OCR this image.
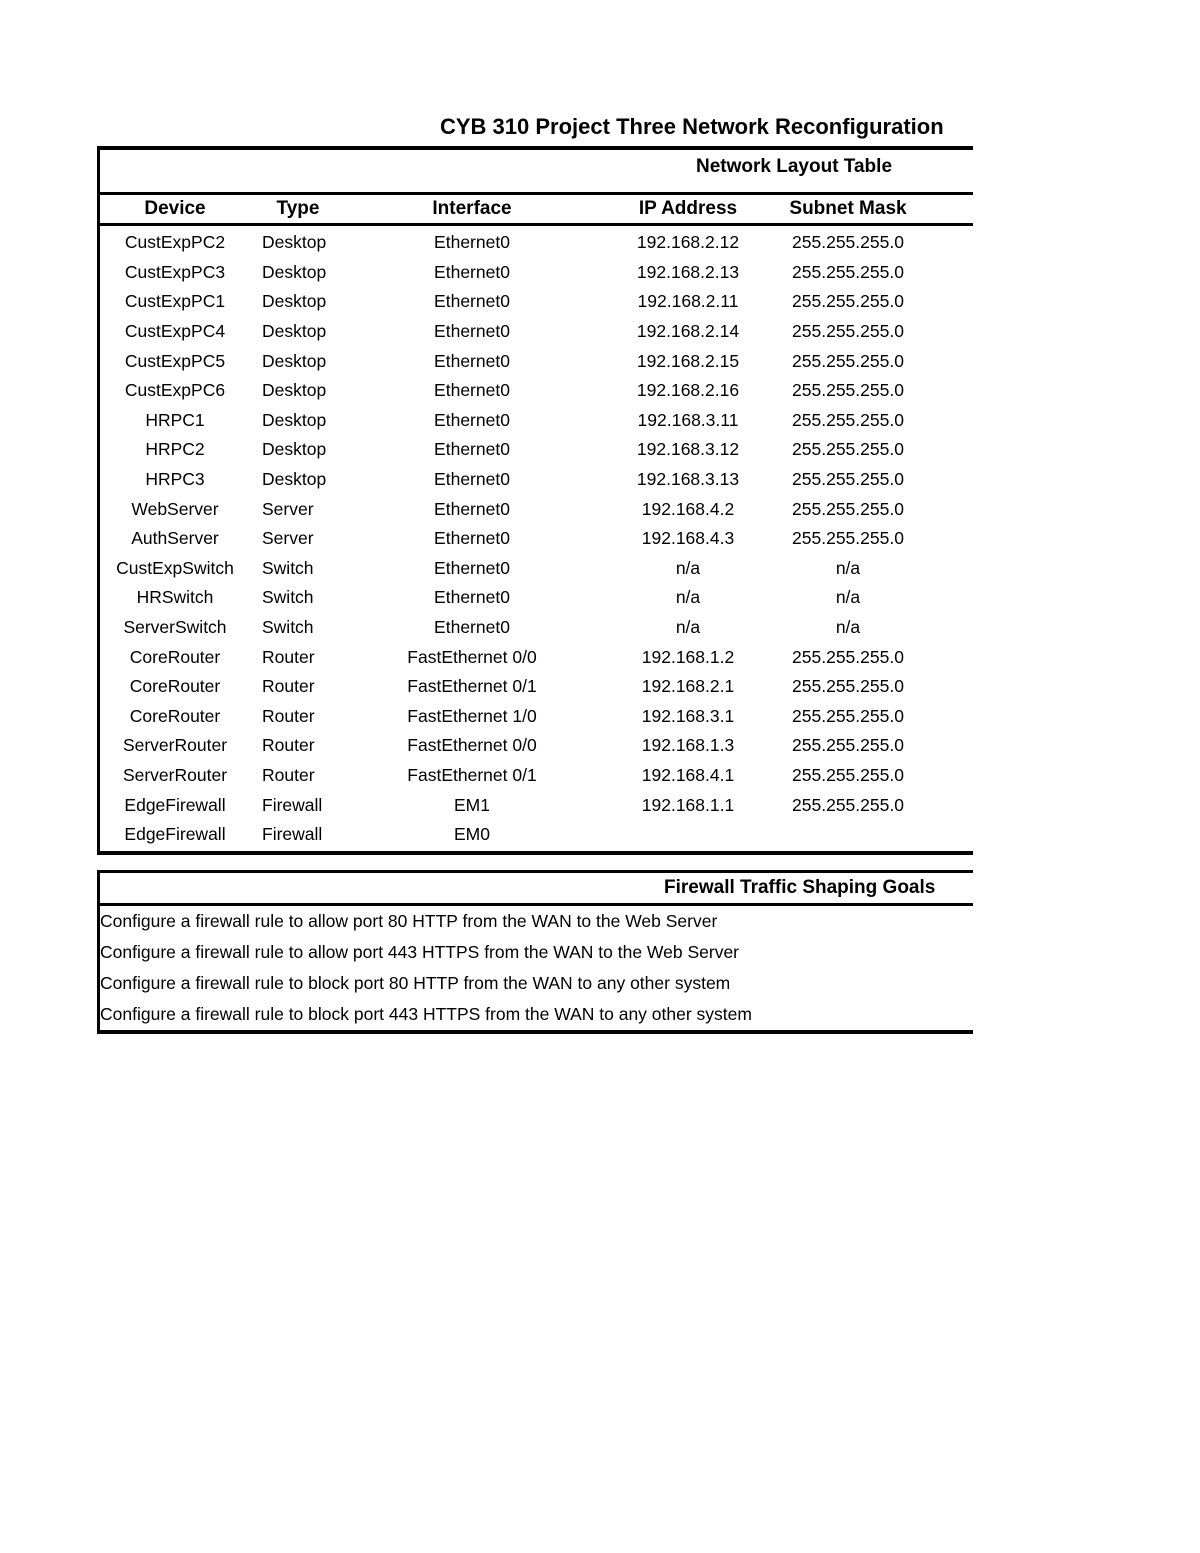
CYB 310 Project Three Network Reconfiguration
Network Layout Table
Device	Type	Interface	IP Address	Subnet Mask
CustExpPC2	Desktop	Ethernet0	192.168.2.12	255.255.255.0
CustExpPC3	Desktop	Ethernet0	192.168.2.13	255.255.255.0
CustExpPC1	Desktop	Ethernet0	192.168.2.11	255.255.255.0
CustExpPC4	Desktop	Ethernet0	192.168.2.14	255.255.255.0
CustExpPC5	Desktop	Ethernet0	192.168.2.15	255.255.255.0
CustExpPC6	Desktop	Ethernet0	192.168.2.16	255.255.255.0
HRPC1	Desktop	Ethernet0	192.168.3.11	255.255.255.0
HRPC2	Desktop	Ethernet0	192.168.3.12	255.255.255.0
HRPC3	Desktop	Ethernet0	192.168.3.13	255.255.255.0
WebServer	Server	Ethernet0	192.168.4.2	255.255.255.0
AuthServer	Server	Ethernet0	192.168.4.3	255.255.255.0
CustExpSwitch	Switch	Ethernet0	n/a	n/a
HRSwitch	Switch	Ethernet0	n/a	n/a
ServerSwitch	Switch	Ethernet0	n/a	n/a
CoreRouter	Router	FastEthernet 0/0	192.168.1.2	255.255.255.0
CoreRouter	Router	FastEthernet 0/1	192.168.2.1	255.255.255.0
CoreRouter	Router	FastEthernet 1/0	192.168.3.1	255.255.255.0
ServerRouter	Router	FastEthernet 0/0	192.168.1.3	255.255.255.0
ServerRouter	Router	FastEthernet 0/1	192.168.4.1	255.255.255.0
EdgeFirewall	Firewall	EM1	192.168.1.1	255.255.255.0
EdgeFirewall	Firewall	EM0
Firewall Traffic Shaping Goals
Configure a firewall rule to allow port 80 HTTP from the WAN to the Web Server
Configure a firewall rule to allow port 443 HTTPS from the WAN to the Web Server
Configure a firewall rule to block port 80 HTTP from the WAN to any other system
Configure a firewall rule to block port 443 HTTPS from the WAN to any other system
